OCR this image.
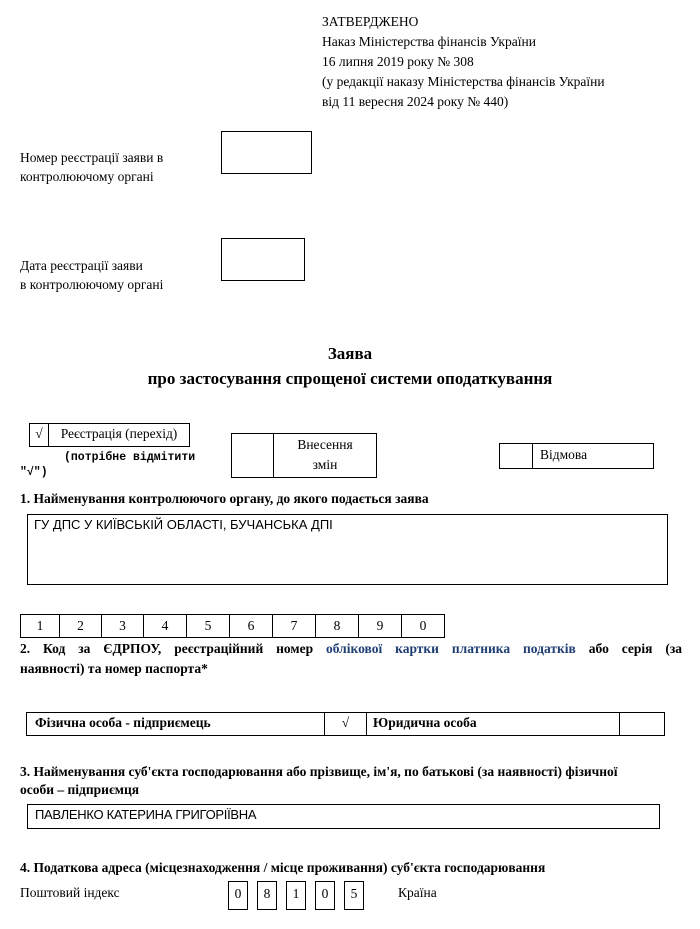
ЗАТВЕРДЖЕНО
Наказ Міністерства фінансів України
16 липня 2019 року № 308
(у редакції наказу Міністерства фінансів України
від 11 вересня 2024 року № 440)
Номер реєстрації заяви в
контролюючому органі
Дата реєстрації заяви
в контролюючому органі
Заява
про застосування спрощеної системи оподаткування
√	Реєстрація (перехід)
(потрібне відмітити
"√")
Внесення
змін
Відмова
1. Найменування контролюючого органу, до якого подається заява
ГУ ДПС У КИЇВСЬКІЙ ОБЛАСТІ, БУЧАНСЬКА ДПІ
1	2	3	4	5	6	7	8	9	0
2. Код за ЄДРПОУ, реєстраційний номер облікової картки платника податків або серія (за
наявності) та номер паспорта*
Фізична особа - підприємець	√	Юридична особа
3. Найменування суб'єкта господарювання або прізвище, ім'я, по батькові (за наявності) фізичної
особи – підприємця
ПАВЛЕНКО КАТЕРИНА ГРИГОРІЇВНА
4. Податкова адреса (місцезнаходження / місце проживання) суб'єкта господарювання
Поштовий індекс	0	8	1	0	5	Країна
